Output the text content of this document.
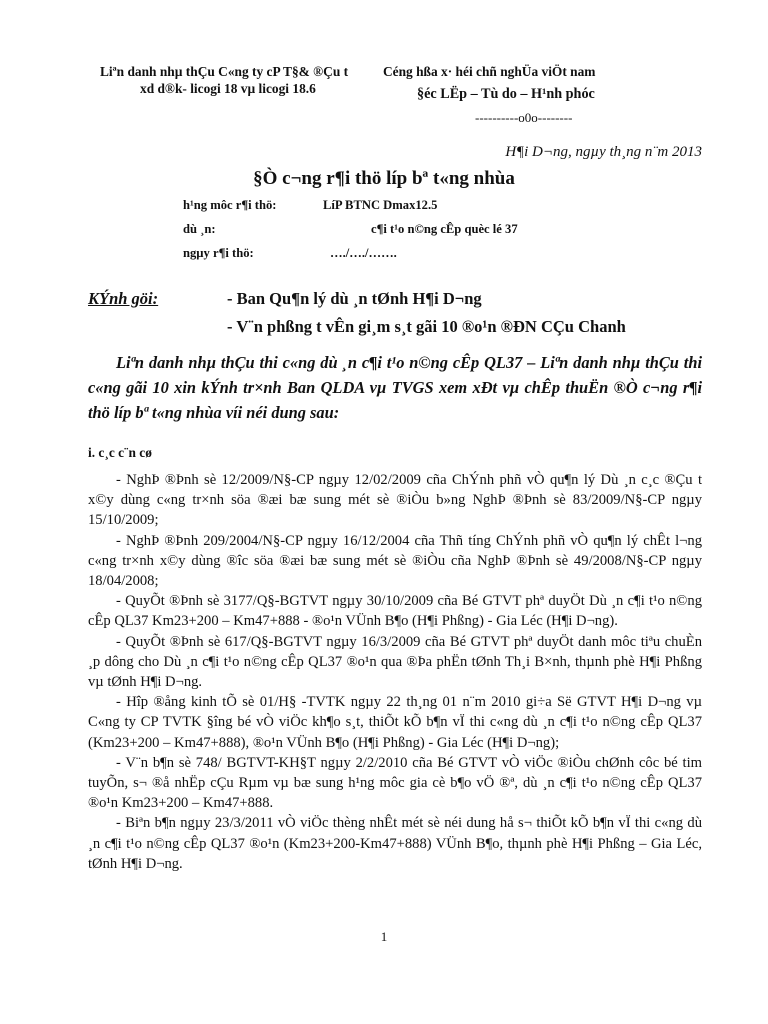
Liªn danh nhµ thÇu C«ng ty cP T§& ®Çu t
xd d®k- licogi 18 vµ licogi 18.6
Céng hßa x· héi chñ nghÜa viÖt nam
§éc LËp – Tù do – H¹nh phóc
----------o0o--------
H¶i D¬ng, ngµy th¸ng n¨m 2013
§Ò c¬ng r¶i thö líp bª t«ng nhùa
h¹ng môc r¶i thö:	LíP BTNC Dmax12.5
dù ¸n:	c¶i t¹o n©ng cÊp quèc lé 37
ngµy r¶i thö:	…./…./…….
KÝnh göi:	- Ban Qu¶n lý dù ¸n tØnh H¶i D¬ng
- V¨n phßng t vÊn gi¸m s¸t gãi 10 ®o¹n ®ÐN CÇu Chanh
Liªn danh nhµ thÇu thi c«ng dù ¸n c¶i t¹o n©ng cÊp QL37 – Liªn danh nhµ thÇu thi c«ng gãi 10 xin kÝnh tr×nh Ban QLDA vµ TVGS xem xÐt vµ chÊp thuËn ®Ò c¬ng r¶i thö líp bª t«ng nhùa víi néi dung sau:
i. c¸c c¨n cø

- NghÞ ®Þnh sè 12/2009/N§-CP ngµy 12/02/2009 cña ChÝnh phñ vÒ qu¶n lý Dù ¸n c¸c ®Çu t x©y dùng c«ng tr×nh söa ®æi bæ sung mét sè ®iÒu b»ng NghÞ ®Þnh sè 83/2009/N§-CP ngµy 15/10/2009;

- NghÞ ®Þnh 209/2004/N§-CP ngµy 16/12/2004 cña Thñ tíng ChÝnh phñ vÒ qu¶n lý chÊt l¬ng c«ng tr×nh x©y dùng ®îc söa ®æi bæ sung mét sè ®iÒu cña NghÞ ®Þnh sè 49/2008/N§-CP ngµy 18/04/2008;

- QuyÕt ®Þnh sè 3177/Q§-BGTVT ngµy 30/10/2009 cña Bé GTVT phª duyÖt Dù ¸n c¶i t¹o n©ng cÊp QL37 Km23+200 – Km47+888 - ®o¹n VÜnh B¶o (H¶i Phßng) - Gia Léc (H¶i D¬ng).

- QuyÕt ®Þnh sè 617/Q§-BGTVT ngµy 16/3/2009 cña Bé GTVT phª duyÖt danh môc tiªu chuÈn ¸p dông cho Dù ¸n c¶i t¹o n©ng cÊp QL37 ®o¹n qua ®Þa phËn tØnh Th¸i B×nh, thµnh phè H¶i Phßng vµ tØnh H¶i D¬ng.

- Hîp ®ång kinh tÕ sè 01/H§ -TVTK ngµy 22 th¸ng 01 n¨m 2010 gi÷a Së GTVT H¶i D¬ng vµ C«ng ty CP TVTK §îng bé vÒ viÖc kh¶o s¸t, thiÕt kÕ b¶n vÏ thi c«ng dù ¸n c¶i t¹o n©ng cÊp QL37 (Km23+200 – Km47+888), ®o¹n VÜnh B¶o (H¶i Phßng) - Gia Léc (H¶i D¬ng);

- V¨n b¶n sè 748/ BGTVT-KH§T ngµy 2/2/2010 cña Bé GTVT vÒ viÖc ®iÒu chØnh côc bé tim tuyÕn, s¬ ®å nhËp cÇu Rµm vµ bæ sung h¹ng môc gia cè b¶o vÖ ®ª, dù ¸n c¶i t¹o n©ng cÊp QL37 ®o¹n Km23+200 – Km47+888.

- Biªn b¶n ngµy 23/3/2011 vÒ viÖc thèng nhÊt mét sè néi dung hå s¬ thiÕt kÕ b¶n vÏ thi c«ng dù ¸n c¶i t¹o n©ng cÊp QL37 ®o¹n (Km23+200-Km47+888) VÜnh B¶o, thµnh phè H¶i Phßng – Gia Léc, tØnh H¶i D¬ng.

1
